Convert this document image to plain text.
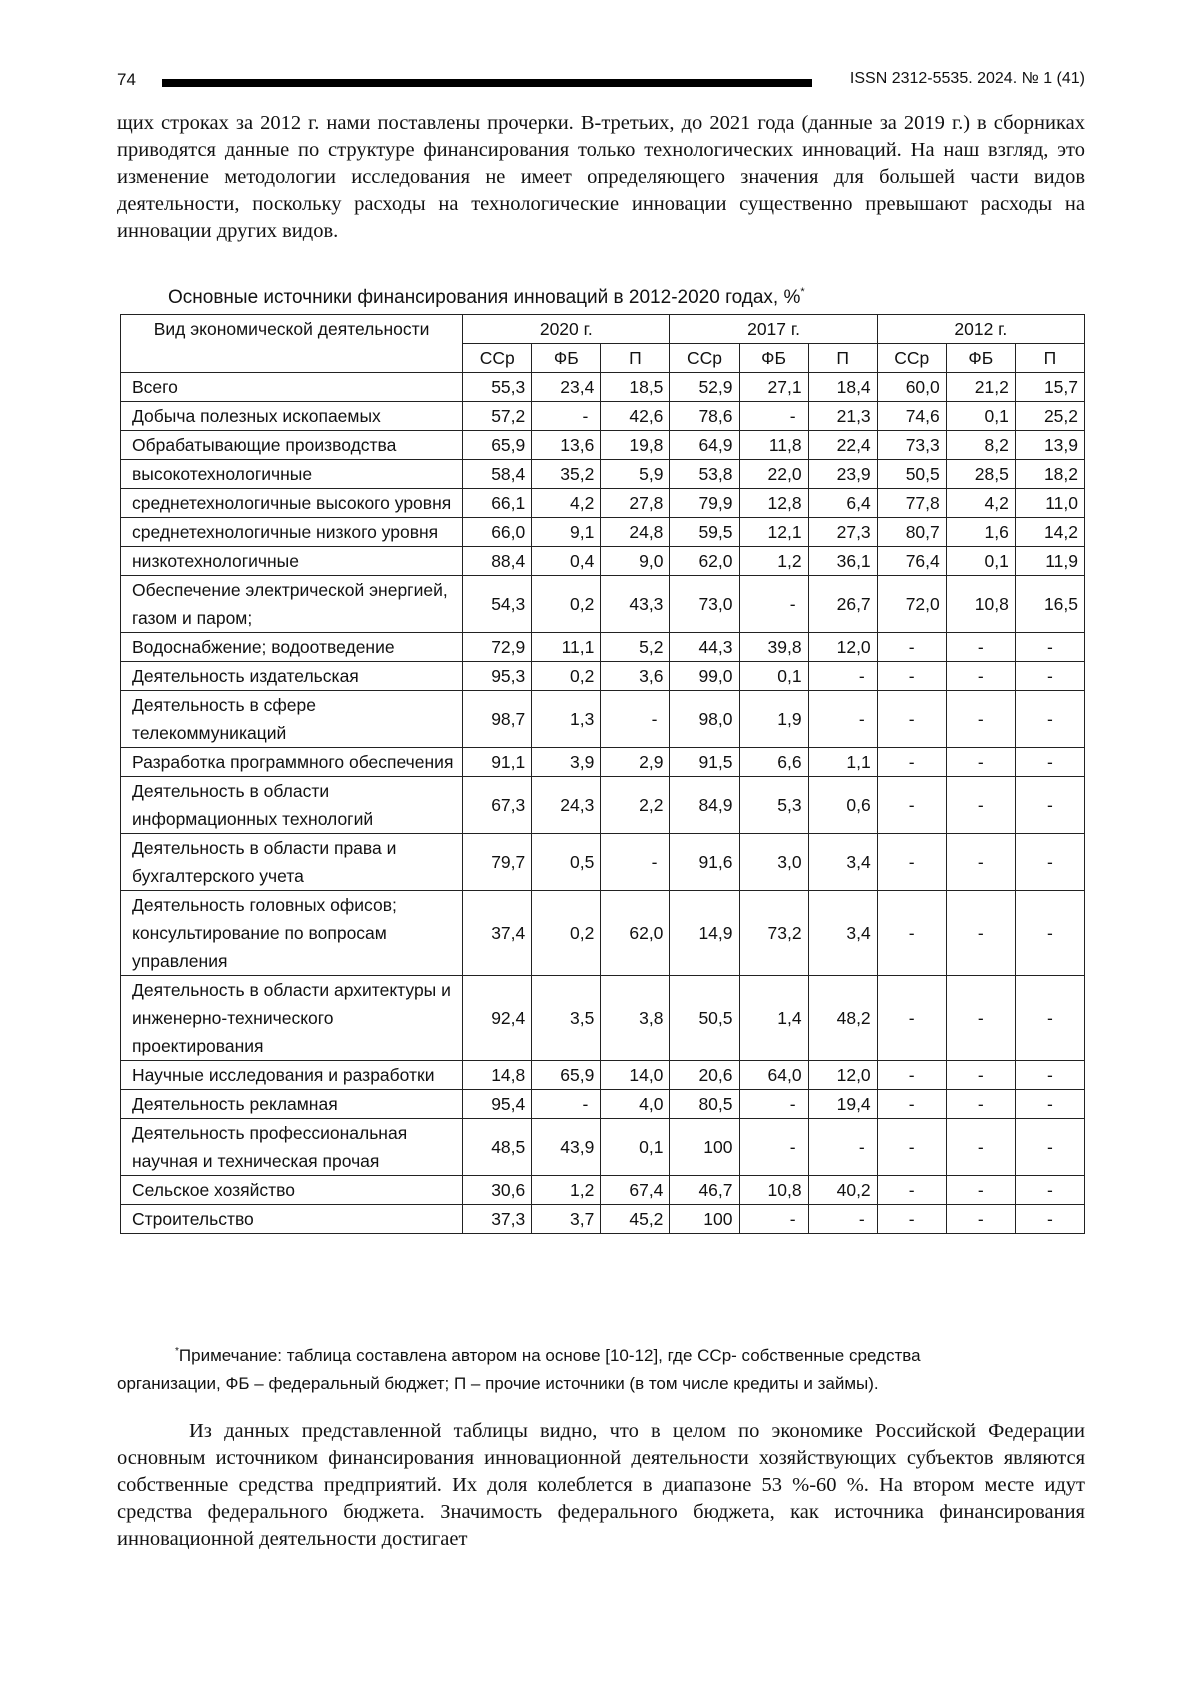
74	ISSN 2312-5535. 2024. № 1 (41)

щих строках за 2012 г. нами поставлены прочерки. В-третьих, до 2021 года (данные за 2019 г.) в сборниках приводятся данные по структуре финансирования только технологических инноваций. На наш взгляд, это изменение методологии исследования не имеет определяющего значения для большей части видов деятельности, поскольку расходы на технологические инновации существенно превышают расходы на инновации других видов.

Основные источники финансирования инноваций в 2012-2020 годах, %*
Вид экономической деятельности	2020 г.			2017 г.			2012 г.		
	ССр	ФБ	П	ССр	ФБ	П	ССр	ФБ	П
Всего	55,3	23,4	18,5	52,9	27,1	18,4	60,0	21,2	15,7
Добыча полезных ископаемых	57,2	-	42,6	78,6	-	21,3	74,6	0,1	25,2
Обрабатывающие производства	65,9	13,6	19,8	64,9	11,8	22,4	73,3	8,2	13,9
высокотехнологичные	58,4	35,2	5,9	53,8	22,0	23,9	50,5	28,5	18,2
среднетехнологичные высокого уровня	66,1	4,2	27,8	79,9	12,8	6,4	77,8	4,2	11,0
среднетехнологичные низкого уровня	66,0	9,1	24,8	59,5	12,1	27,3	80,7	1,6	14,2
низкотехнологичные	88,4	0,4	9,0	62,0	1,2	36,1	76,4	0,1	11,9
Обеспечение электрической энергией, газом и паром;	54,3	0,2	43,3	73,0	-	26,7	72,0	10,8	16,5
Водоснабжение; водоотведение	72,9	11,1	5,2	44,3	39,8	12,0	-	-	-
Деятельность издательская	95,3	0,2	3,6	99,0	0,1	-	-	-	-
Деятельность в сфере телекоммуникаций	98,7	1,3	-	98,0	1,9	-	-	-	-
Разработка программного обеспечения	91,1	3,9	2,9	91,5	6,6	1,1	-	-	-
Деятельность в области информационных технологий	67,3	24,3	2,2	84,9	5,3	0,6	-	-	-
Деятельность в области права и бухгалтерского учета	79,7	0,5	-	91,6	3,0	3,4	-	-	-
Деятельность головных офисов; консультирование по вопросам управления	37,4	0,2	62,0	14,9	73,2	3,4	-	-	-
Деятельность в области архитектуры и инженерно-технического проектирования	92,4	3,5	3,8	50,5	1,4	48,2	-	-	-
Научные исследования и разработки	14,8	65,9	14,0	20,6	64,0	12,0	-	-	-
Деятельность рекламная	95,4	-	4,0	80,5	-	19,4	-	-	-
Деятельность профессиональная научная и техническая прочая	48,5	43,9	0,1	100	-	-	-	-	-
Сельское хозяйство	30,6	1,2	67,4	46,7	10,8	40,2	-	-	-
Строительство	37,3	3,7	45,2	100	-	-	-	-	-
*Примечание: таблица составлена автором на основе [10-12], где ССр- собственные средства
организации, ФБ – федеральный бюджет; П – прочие источники (в том числе кредиты и займы).

Из данных представленной таблицы видно, что в целом по экономике Российской Федерации основным источником финансирования инновационной деятельности хозяйствующих субъектов являются собственные средства предприятий. Их доля колеблется в диапазоне 53 %-60 %. На втором месте идут средства федерального бюджета. Значимость федерального бюджета, как источника финансирования инновационной деятельности достигает
